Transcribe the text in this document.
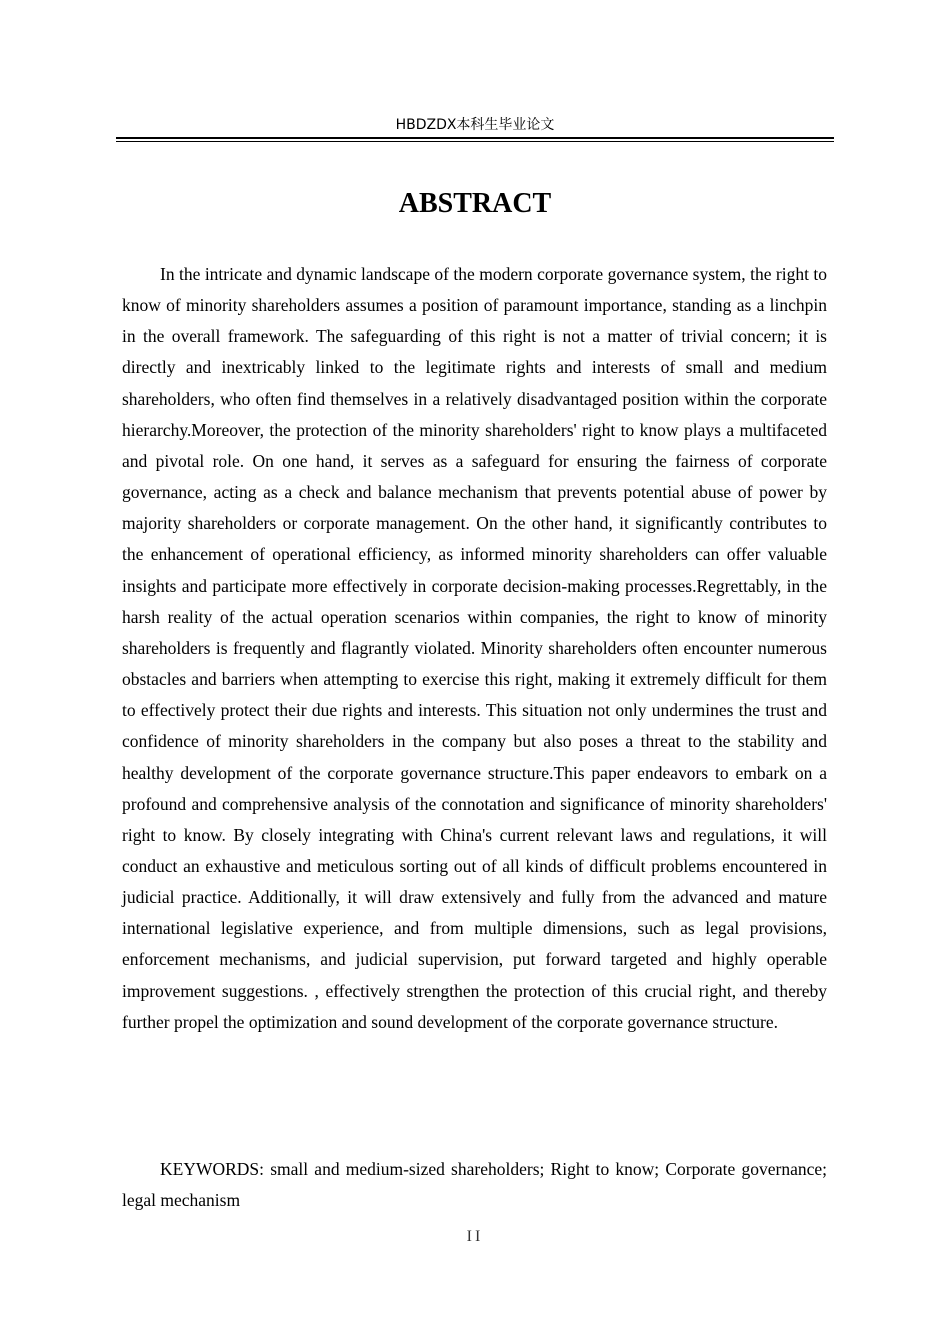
HBDZDX本科生毕业论文
ABSTRACT

In the intricate and dynamic landscape of the modern corporate governance system, the right to know of minority shareholders assumes a position of paramount importance, standing as a linchpin in the overall framework. The safeguarding of this right is not a matter of trivial concern; it is directly and inextricably linked to the legitimate rights and interests of small and medium shareholders, who often find themselves in a relatively disadvantaged position within the corporate hierarchy.Moreover, the protection of the minority shareholders' right to know plays a multifaceted and pivotal role. On one hand, it serves as a safeguard for ensuring the fairness of corporate governance, acting as a check and balance mechanism that prevents potential abuse of power by majority shareholders or corporate management. On the other hand, it significantly contributes to the enhancement of operational efficiency, as informed minority shareholders can offer valuable insights and participate more effectively in corporate decision-making processes.Regrettably, in the harsh reality of the actual operation scenarios within companies, the right to know of minority shareholders is frequently and flagrantly violated. Minority shareholders often encounter numerous obstacles and barriers when attempting to exercise this right, making it extremely difficult for them to effectively protect their due rights and interests. This situation not only undermines the trust and confidence of minority shareholders in the company but also poses a threat to the stability and healthy development of the corporate governance structure.This paper endeavors to embark on a profound and comprehensive analysis of the connotation and significance of minority shareholders' right to know. By closely integrating with China's current relevant laws and regulations, it will conduct an exhaustive and meticulous sorting out of all kinds of difficult problems encountered in judicial practice. Additionally, it will draw extensively and fully from the advanced and mature international legislative experience, and from multiple dimensions, such as legal provisions, enforcement mechanisms, and judicial supervision, put forward targeted and highly operable improvement suggestions. , effectively strengthen the protection of this crucial right, and thereby further propel the optimization and sound development of the corporate governance structure.

KEYWORDS: small and medium-sized shareholders; Right to know; Corporate governance; legal mechanism

II
